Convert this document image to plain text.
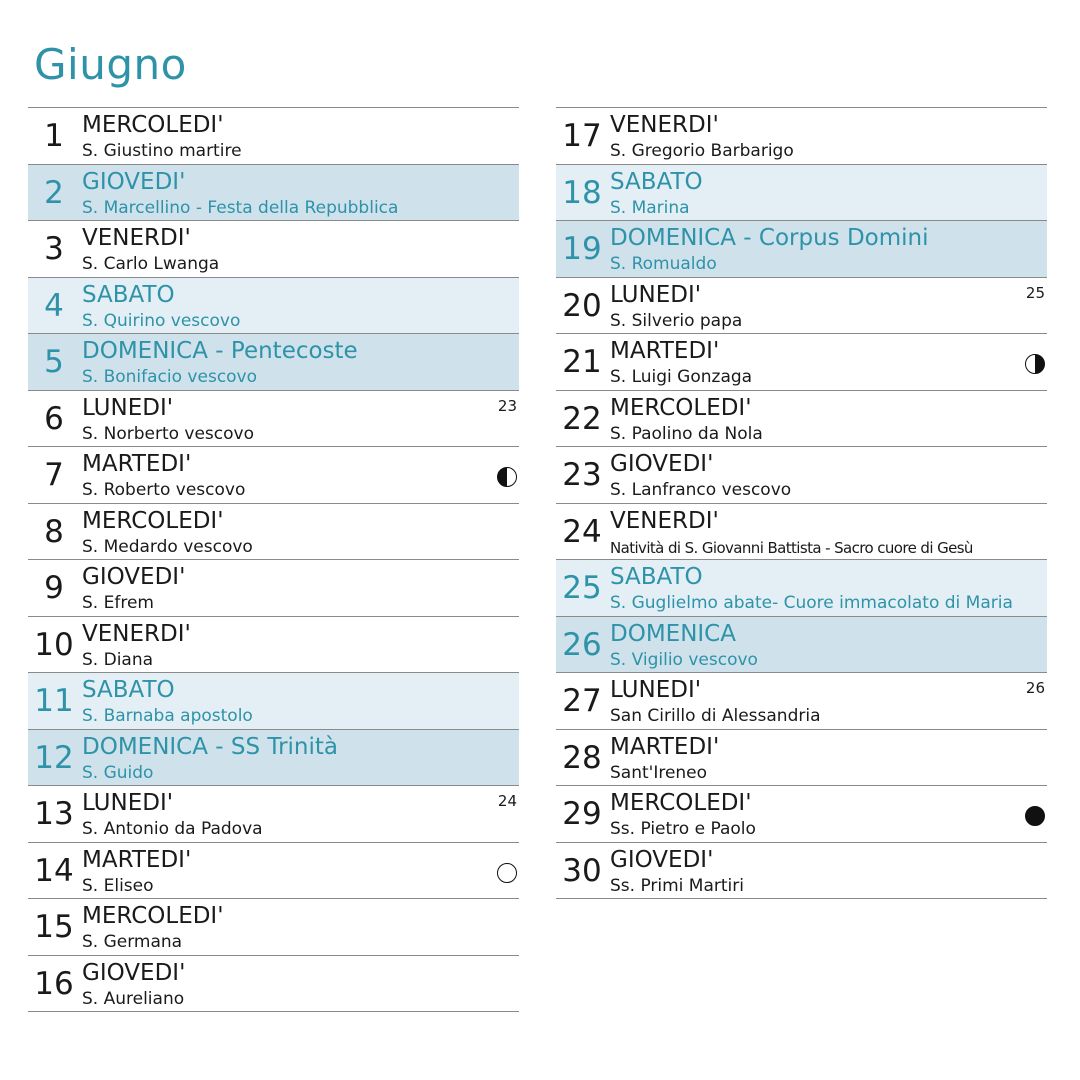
Giugno
1 MERCOLEDI'
S. Giustino martire
2 GIOVEDI'
S. Marcellino - Festa della Repubblica
3 VENERDI'
S. Carlo Lwanga
4 SABATO
S. Quirino vescovo
5 DOMENICA - Pentecoste
S. Bonifacio vescovo
6 LUNEDI'
S. Norberto vescovo
23
7 MARTEDI'
S. Roberto vescovo
8 MERCOLEDI'
S. Medardo vescovo
9 GIOVEDI'
S. Efrem
10 VENERDI'
S. Diana
11 SABATO
S. Barnaba apostolo
12 DOMENICA - SS Trinità
S. Guido
13 LUNEDI'
S. Antonio da Padova
24
14 MARTEDI'
S. Eliseo
15 MERCOLEDI'
S. Germana
16 GIOVEDI'
S. Aureliano
17 VENERDI'
S. Gregorio Barbarigo
18 SABATO
S. Marina
19 DOMENICA - Corpus Domini
S. Romualdo
20 LUNEDI'
S. Silverio papa
25
21 MARTEDI'
S. Luigi Gonzaga
22 MERCOLEDI'
S. Paolino da Nola
23 GIOVEDI'
S. Lanfranco vescovo
24 VENERDI'
Natività di S. Giovanni Battista - Sacro cuore di Gesù
25 SABATO
S. Guglielmo abate- Cuore immacolato di Maria
26 DOMENICA
S. Vigilio vescovo
27 LUNEDI'
San Cirillo di Alessandria
26
28 MARTEDI'
Sant'Ireneo
29 MERCOLEDI'
Ss. Pietro e Paolo
30 GIOVEDI'
Ss. Primi Martiri
